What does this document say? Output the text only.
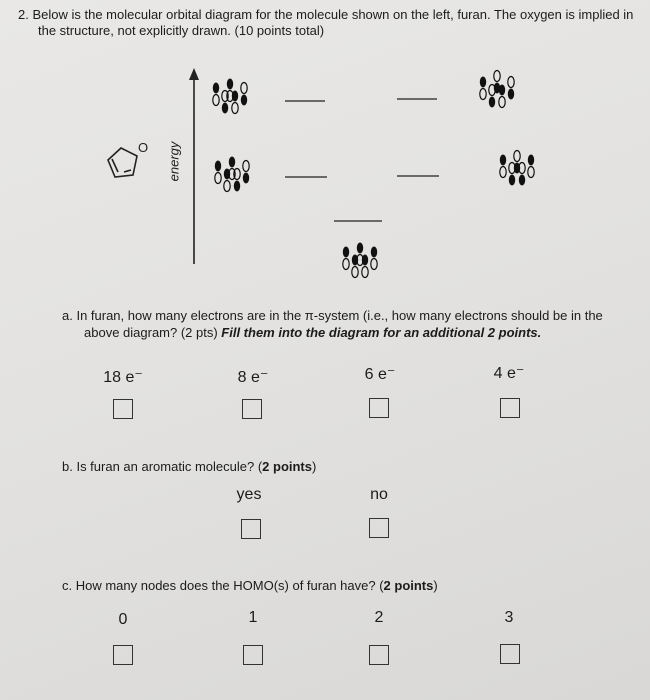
2. Below is the molecular orbital diagram for the molecule shown on the left, furan. The oxygen is implied in
the structure, not explicitly drawn. (10 points total)
O energy
a. In furan, how many electrons are in the π-system (i.e., how many electrons should be in the
above diagram? (2 pts) Fill them into the diagram for an additional 2 points.
18 e⁻	8 e⁻	6 e⁻	4 e⁻
b. Is furan an aromatic molecule? (2 points)
yes	no
c. How many nodes does the HOMO(s) of furan have? (2 points)
0	1	2	3
